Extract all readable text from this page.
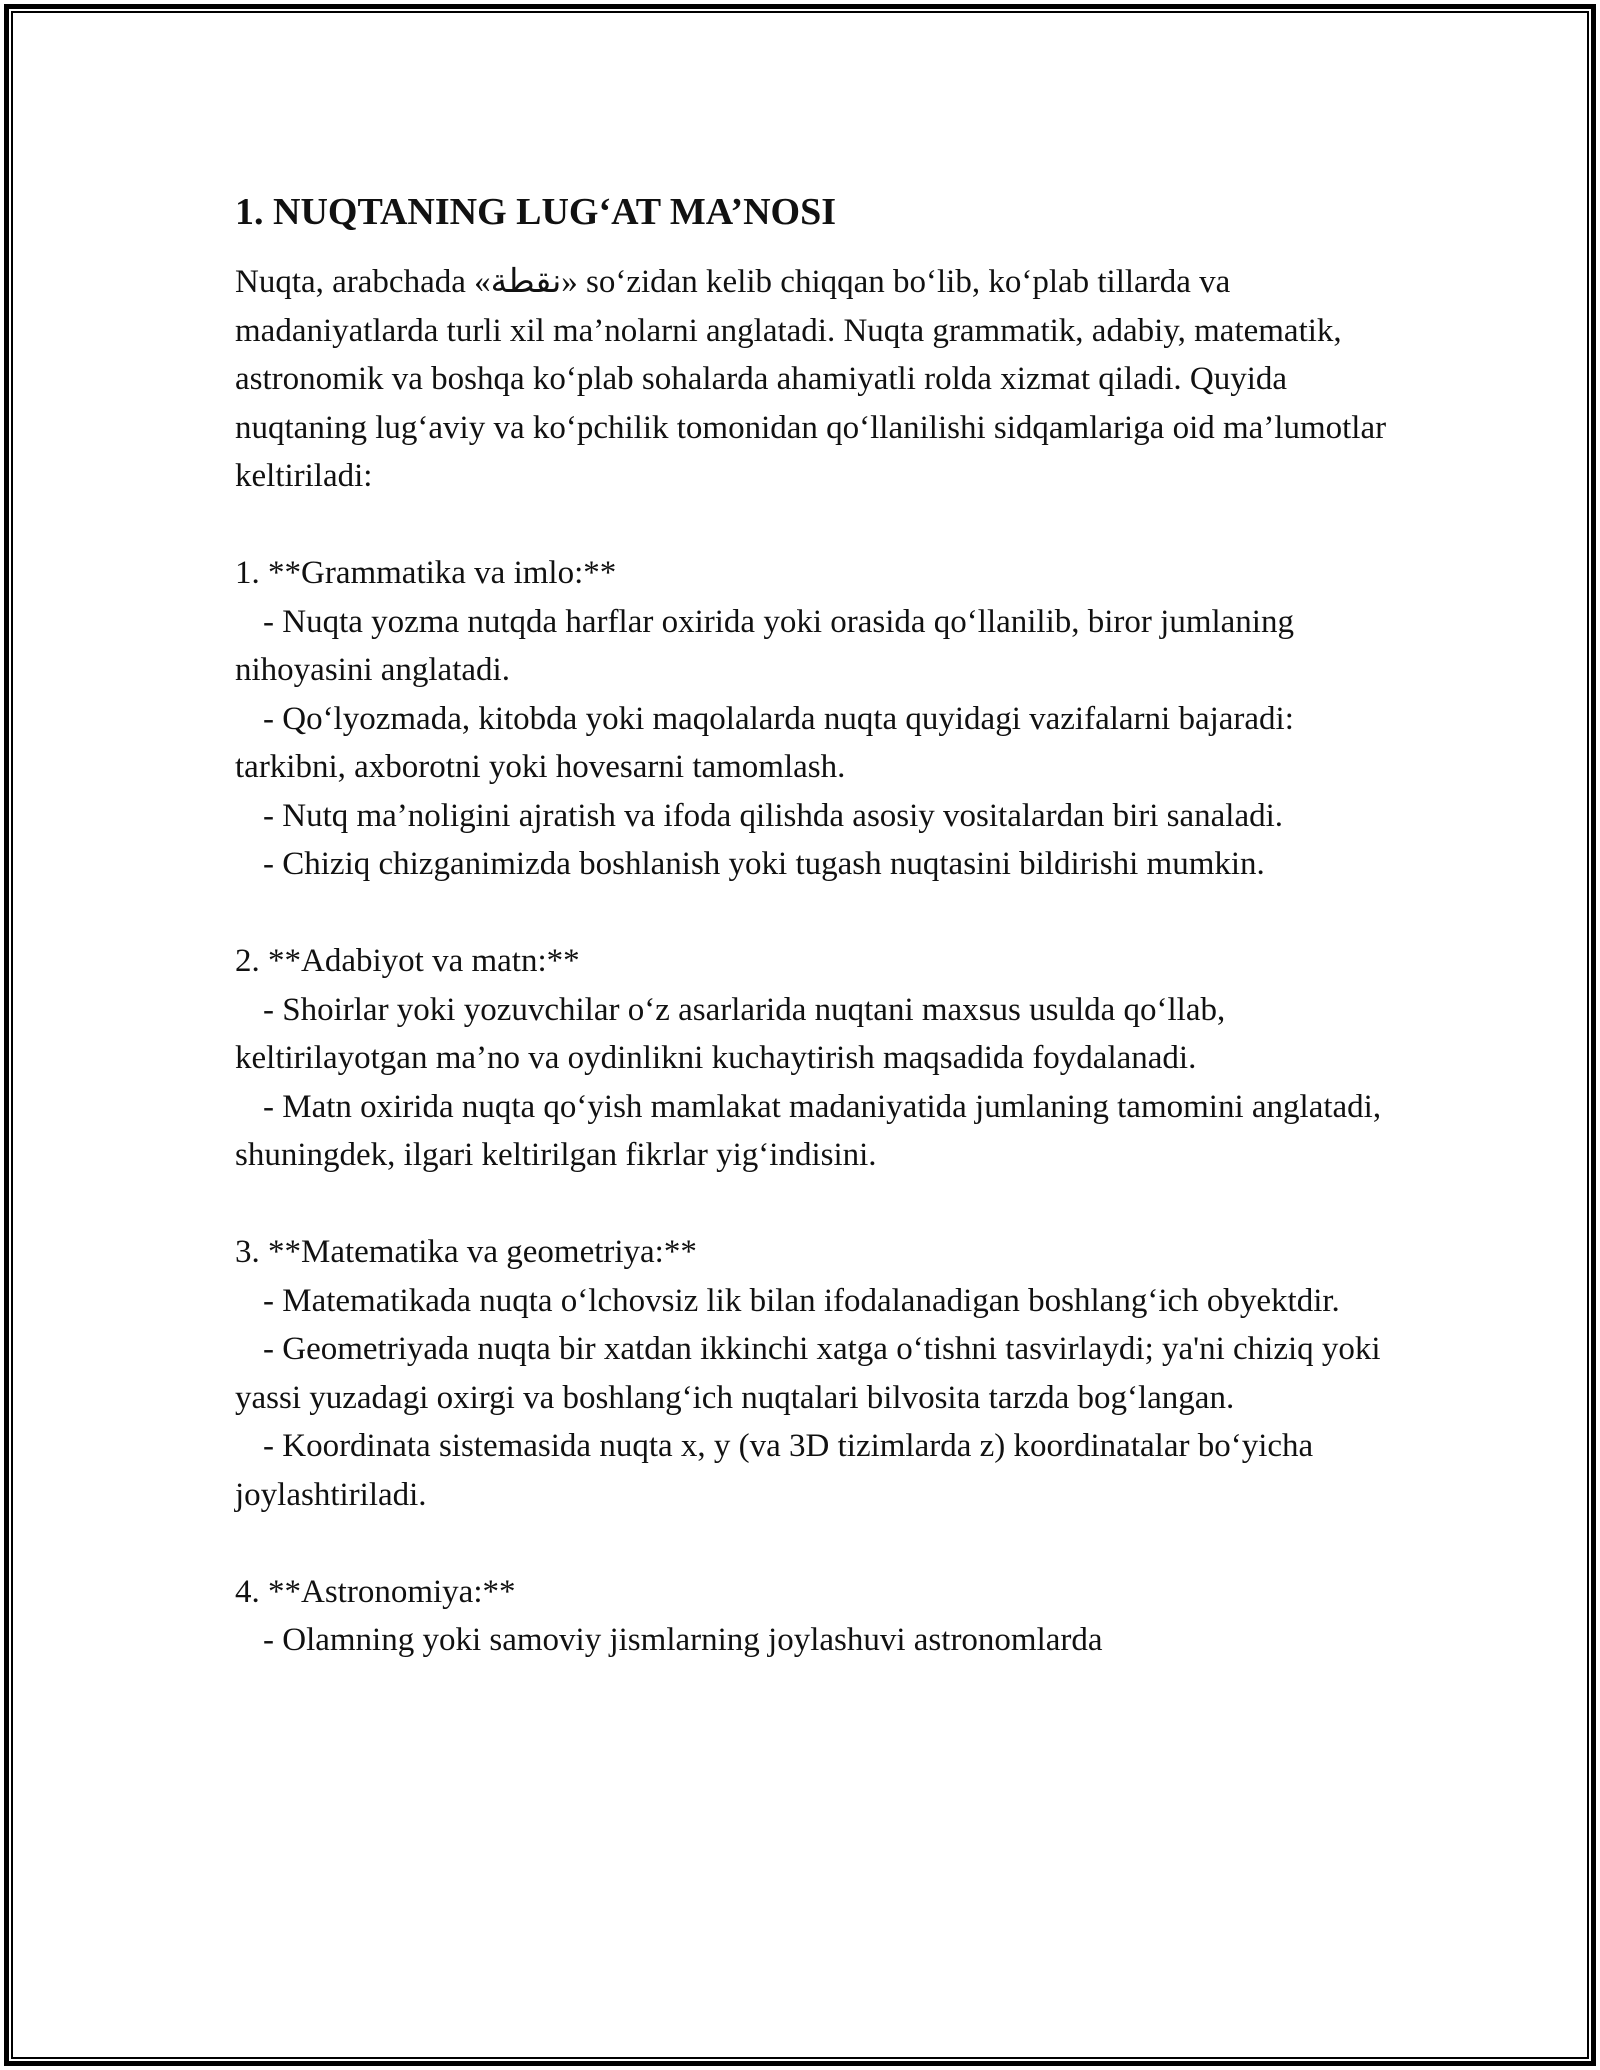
1. NUQTANING LUG‘AT MA’NOSI

Nuqta, arabchada «نقطة» so‘zidan kelib chiqqan bo‘lib, ko‘plab tillarda va madaniyatlarda turli xil ma’nolarni anglatadi. Nuqta grammatik, adabiy, matematik, astronomik va boshqa ko‘plab sohalarda ahamiyatli rolda xizmat qiladi. Quyida nuqtaning lug‘aviy va ko‘pchilik tomonidan qo‘llanilishi sidqamlariga oid ma’lumotlar keltiriladi:

1. **Grammatika va imlo:**

- Nuqta yozma nutqda harflar oxirida yoki orasida qo‘llanilib, biror jumlaning nihoyasini anglatadi.

- Qo‘lyozmada, kitobda yoki maqolalarda nuqta quyidagi vazifalarni bajaradi: tarkibni, axborotni yoki hovesarni tamomlash.

- Nutq ma’noligini ajratish va ifoda qilishda asosiy vositalardan biri sanaladi.

- Chiziq chizganimizda boshlanish yoki tugash nuqtasini bildirishi mumkin.

2. **Adabiyot va matn:**

- Shoirlar yoki yozuvchilar o‘z asarlarida nuqtani maxsus usulda qo‘llab, keltirilayotgan ma’no va oydinlikni kuchaytirish maqsadida foydalanadi.

- Matn oxirida nuqta qo‘yish mamlakat madaniyatida jumlaning tamomini anglatadi, shuningdek, ilgari keltirilgan fikrlar yig‘indisini.

3. **Matematika va geometriya:**

- Matematikada nuqta o‘lchovsiz lik bilan ifodalanadigan boshlang‘ich obyektdir.

- Geometriyada nuqta bir xatdan ikkinchi xatga o‘tishni tasvirlaydi; ya'ni chiziq yoki yassi yuzadagi oxirgi va boshlang‘ich nuqtalari bilvosita tarzda bog‘langan.

- Koordinata sistemasida nuqta x, y (va 3D tizimlarda z) koordinatalar bo‘yicha joylashtiriladi.

4. **Astronomiya:**

- Olamning yoki samoviy jismlarning joylashuvi astronomlarda
